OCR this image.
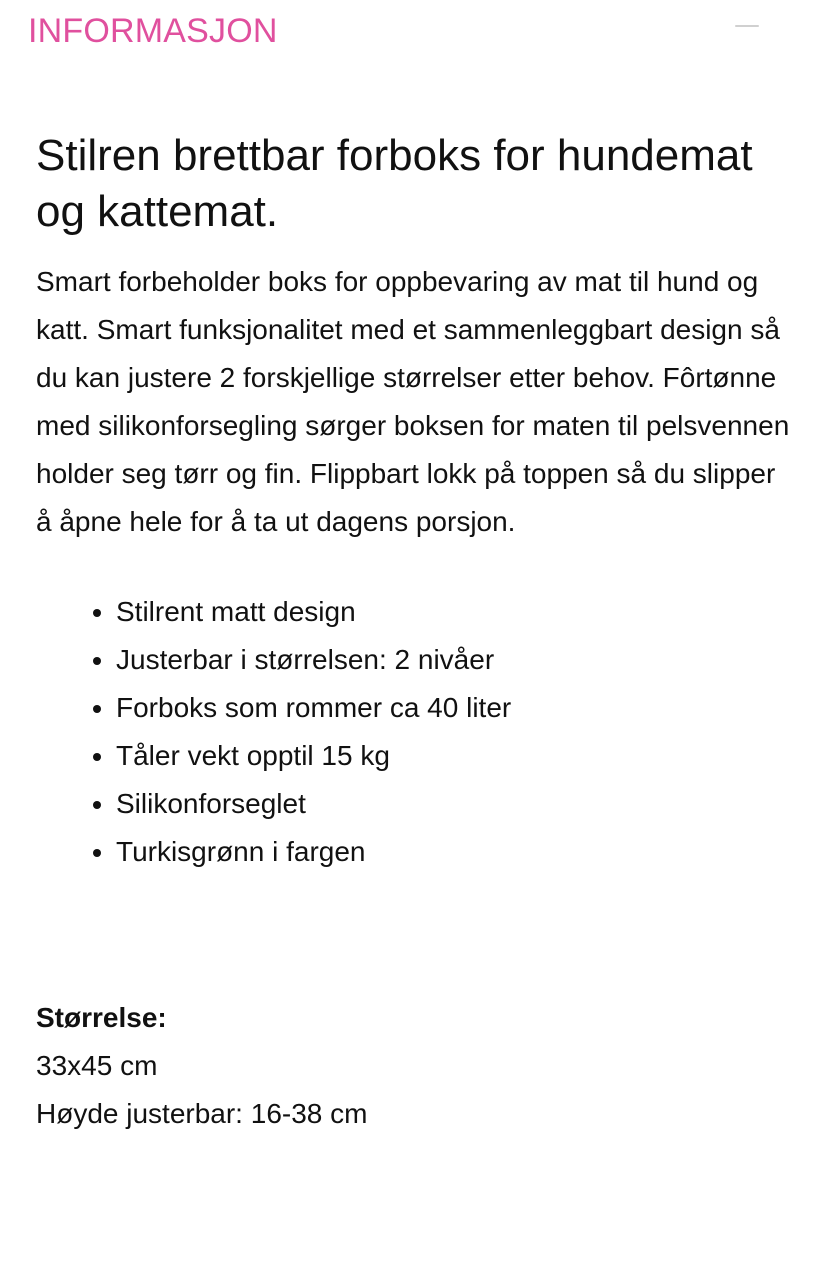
INFORMASJON
Stilren brettbar forboks for hundemat og kattemat.

Smart forbeholder boks for oppbevaring av mat til hund og katt. Smart funksjonalitet med et sammenleggbart design så du kan justere 2 forskjellige størrelser etter behov. Fôrtønne med silikonforsegling sørger boksen for maten til pelsvennen holder seg tørr og fin. Flippbart lokk på toppen så du slipper å åpne hele for å ta ut dagens porsjon.

• Stilrent matt design
• Justerbar i størrelsen: 2 nivåer
• Forboks som rommer ca 40 liter
• Tåler vekt opptil 15 kg
• Silikonforseglet
• Turkisgrønn i fargen
Størrelse:
33x45 cm
Høyde justerbar: 16-38 cm
